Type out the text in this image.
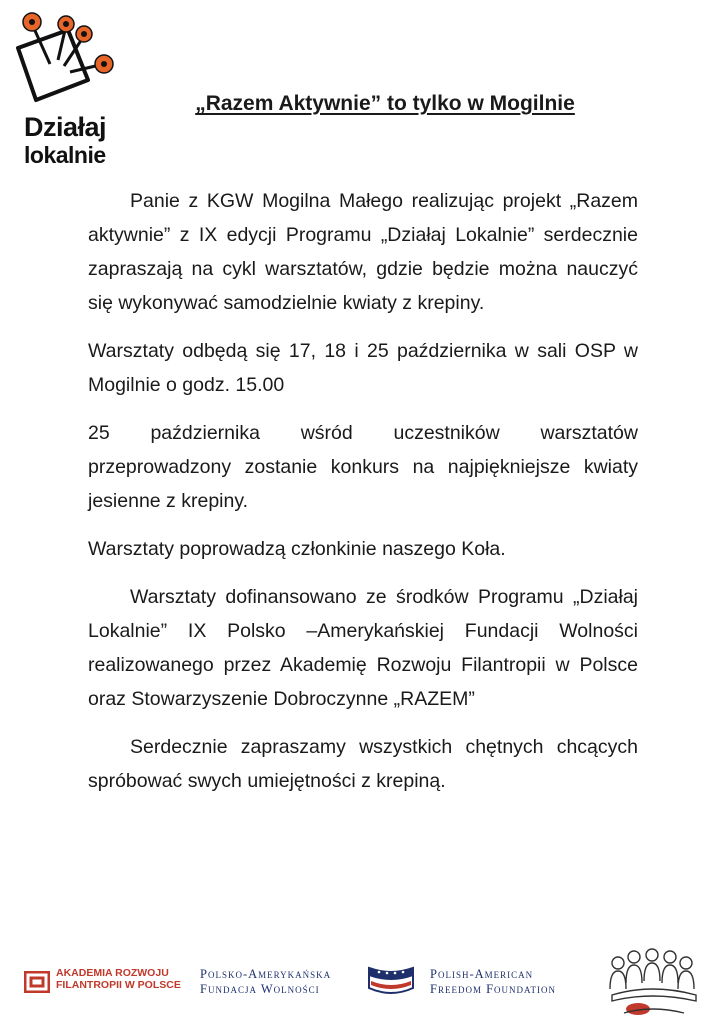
Działaj
lokalnie
„Razem Aktywnie” to tylko w Mogilnie

Panie z KGW Mogilna Małego realizując projekt „Razem aktywnie” z IX edycji Programu „Działaj Lokalnie” serdecznie zapraszają na cykl warsztatów, gdzie będzie można nauczyć się wykonywać samodzielnie kwiaty z krepiny.

Warsztaty odbędą się 17, 18 i 25 października w sali OSP w Mogilnie o godz. 15.00

25 października wśród uczestników warsztatów przeprowadzony zostanie konkurs na najpiękniejsze kwiaty jesienne z krepiny.

Warsztaty poprowadzą członkinie naszego Koła.

Warsztaty dofinansowano ze środków Programu „Działaj Lokalnie” IX Polsko –Amerykańskiej Fundacji Wolności realizowanego przez Akademię Rozwoju Filantropii w Polsce oraz Stowarzyszenie Dobroczynne „RAZEM”

Serdecznie zapraszamy wszystkich chętnych chcących spróbować swych umiejętności z krepiną.

AKADEMIA ROZWOJU
FILANTROPII W POLSCE
Polsko-Amerykańska
Fundacja Wolności
Polish-American
Freedom Foundation
